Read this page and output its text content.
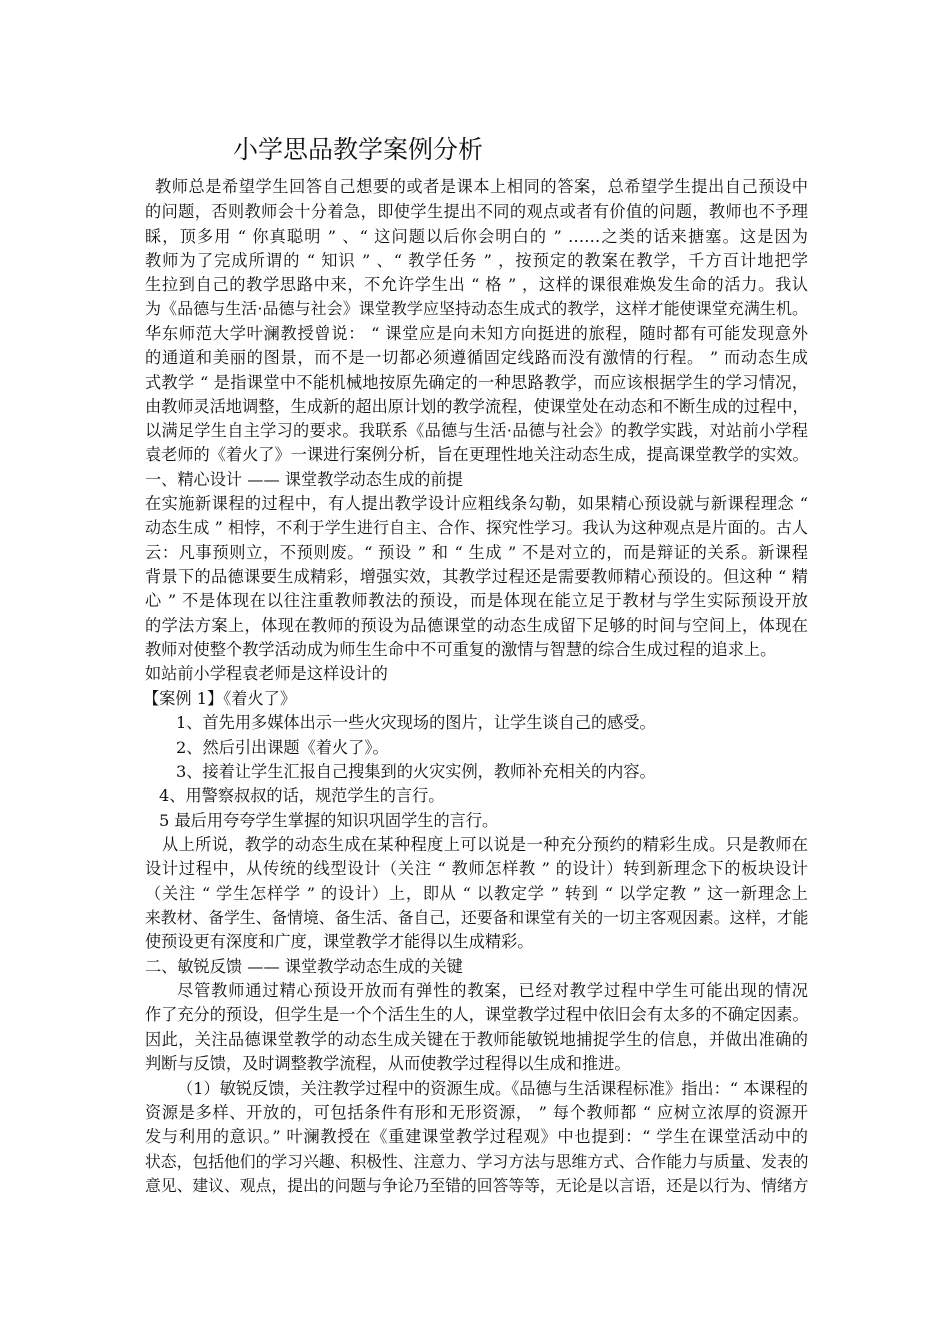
小学思品教学案例分析
教师总是希望学生回答自己想要的或者是课本上相同的答案，总希望学生提出自己预设中
的问题，否则教师会十分着急，即使学生提出不同的观点或者有价值的问题，教师也不予理
睬，顶多用 “ 你真聪明 ” 、“ 这问题以后你会明白的 ” ……之类的话来搪塞。这是因为
教师为了完成所谓的 “ 知识 ” 、“ 教学任务 ” ，按预定的教案在教学，千方百计地把学
生拉到自己的教学思路中来，不允许学生出 “ 格 ” ，这样的课很难焕发生命的活力。我认
为《品德与生活·品德与社会》课堂教学应坚持动态生成式的教学，这样才能使课堂充满生机。
华东师范大学叶澜教授曾说： “ 课堂应是向未知方向挺进的旅程，随时都有可能发现意外
的通道和美丽的图景，而不是一切都必须遵循固定线路而没有激情的行程。 ” 而动态生成
式教学 “ 是指课堂中不能机械地按原先确定的一种思路教学，而应该根据学生的学习情况，
由教师灵活地调整，生成新的超出原计划的教学流程，使课堂处在动态和不断生成的过程中，
以满足学生自主学习的要求。我联系《品德与生活·品德与社会》的教学实践，对站前小学程
袁老师的《着火了》一课进行案例分析，旨在更理性地关注动态生成，提高课堂教学的实效。
一、精心设计 —— 课堂教学动态生成的前提
在实施新课程的过程中，有人提出教学设计应粗线条勾勒，如果精心预设就与新课程理念 “
动态生成 ” 相悖，不利于学生进行自主、合作、探究性学习。我认为这种观点是片面的。古人
云：凡事预则立，不预则废。“ 预设 ” 和 “ 生成 ” 不是对立的，而是辩证的关系。新课程
背景下的品德课要生成精彩，增强实效，其教学过程还是需要教师精心预设的。但这种 “ 精
心 ” 不是体现在以往注重教师教法的预设，而是体现在能立足于教材与学生实际预设开放
的学法方案上，体现在教师的预设为品德课堂的动态生成留下足够的时间与空间上，体现在
教师对使整个教学活动成为师生生命中不可重复的激情与智慧的综合生成过程的追求上。
如站前小学程袁老师是这样设计的
【案例 1】《着火了》
1、首先用多媒体出示一些火灾现场的图片，让学生谈自己的感受。
2、然后引出课题《着火了》。
3、接着让学生汇报自己搜集到的火灾实例，教师补充相关的内容。
4、用警察叔叔的话，规范学生的言行。
5 最后用夸夸学生掌握的知识巩固学生的言行。
从上所说，教学的动态生成在某种程度上可以说是一种充分预约的精彩生成。只是教师在
设计过程中，从传统的线型设计（关注 “ 教师怎样教 ” 的设计）转到新理念下的板块设计
（关注 “ 学生怎样学 ” 的设计）上，即从 “ 以教定学 ” 转到 “ 以学定教 ” 这一新理念上
来教材、备学生、备情境、备生活、备自己，还要备和课堂有关的一切主客观因素。这样，才能
使预设更有深度和广度，课堂教学才能得以生成精彩。
二、敏锐反馈 —— 课堂教学动态生成的关键
尽管教师通过精心预设开放而有弹性的教案，已经对教学过程中学生可能出现的情况
作了充分的预设，但学生是一个个活生生的人，课堂教学过程中依旧会有太多的不确定因素。
因此，关注品德课堂教学的动态生成关键在于教师能敏锐地捕捉学生的信息，并做出准确的
判断与反馈，及时调整教学流程，从而使教学过程得以生成和推进。
（1）敏锐反馈，关注教学过程中的资源生成。《品德与生活课程标准》指出：“ 本课程的
资源是多样、开放的，可包括条件有形和无形资源， ” 每个教师都 “ 应树立浓厚的资源开
发与利用的意识。” 叶澜教授在《重建课堂教学过程观》中也提到：“ 学生在课堂活动中的
状态，包括他们的学习兴趣、积极性、注意力、学习方法与思维方式、合作能力与质量、发表的
意见、建议、观点，提出的问题与争论乃至错的回答等等，无论是以言语，还是以行为、情绪方
